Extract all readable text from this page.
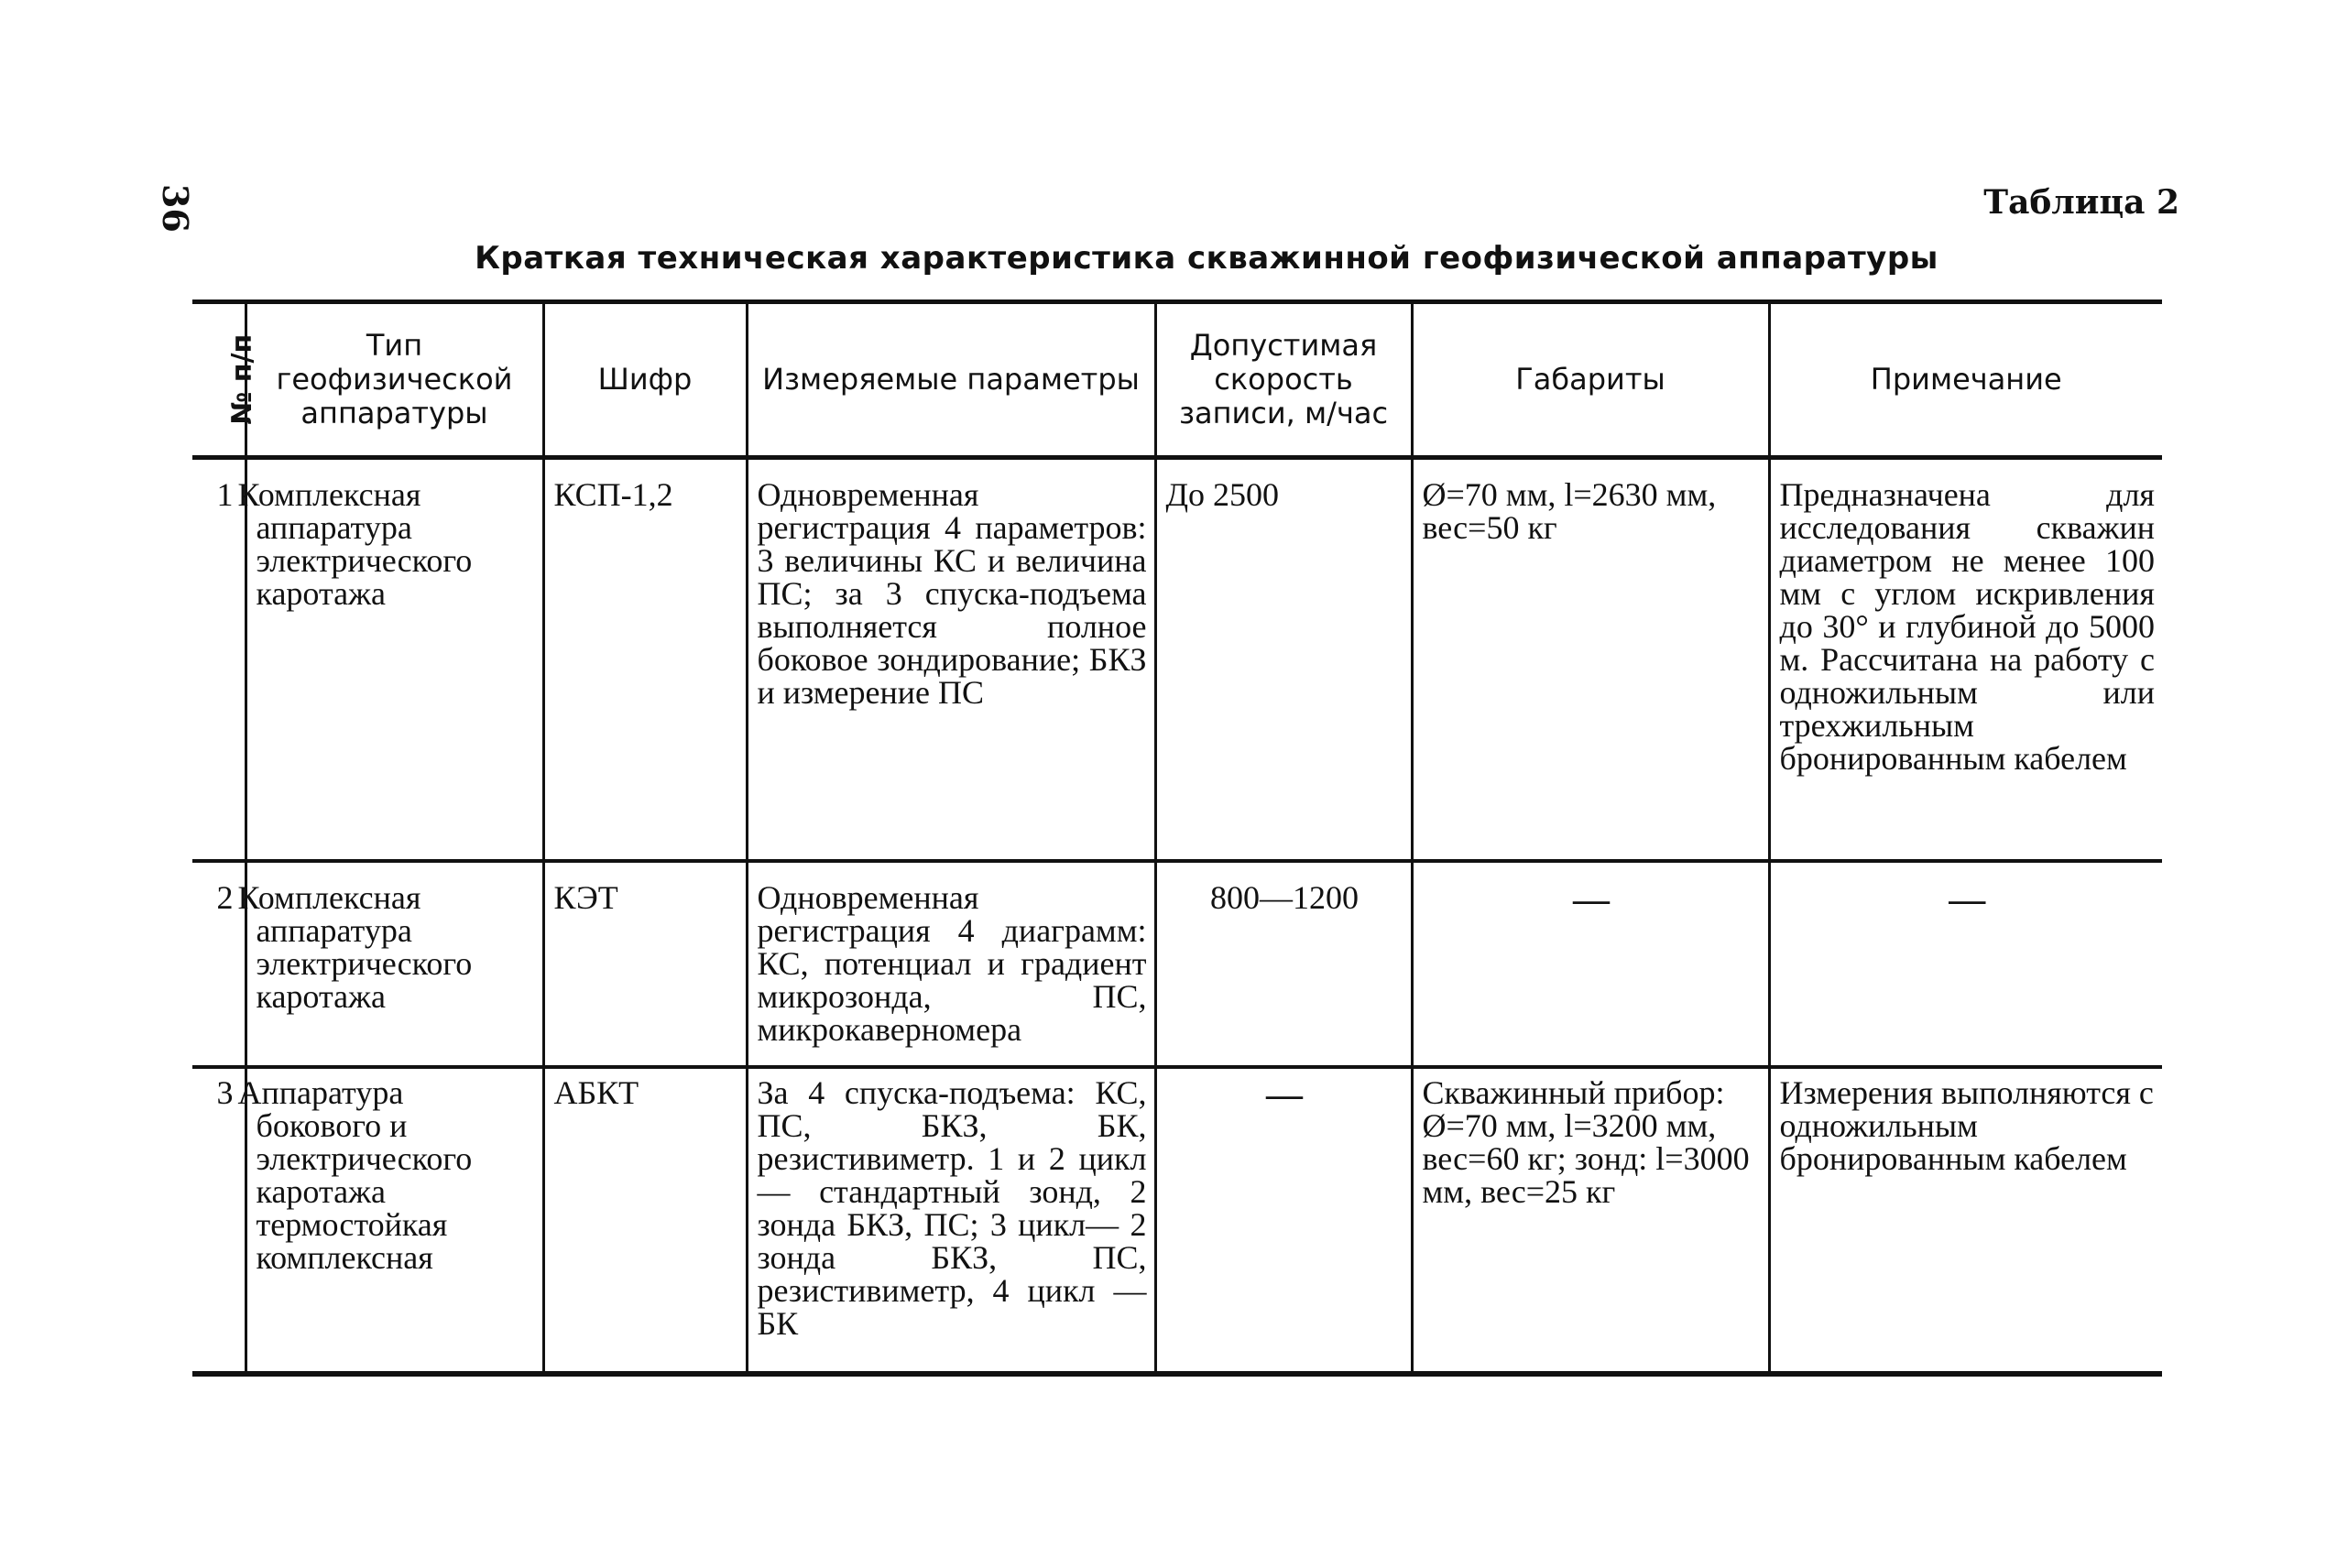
36	Таблица 2
Краткая техническая характеристика скважинной геофизической аппаратуры
№ п/п	Тип геофизической аппаратуры	Шифр	Измеряемые параметры	Допустимая скорость записи, м/час	Габариты	Примечание
1	Комплексная аппаратура электрического каротажа	КСП-1,2	Одновременная регистрация 4 параметров: 3 величины КС и величина ПС; за 3 спуска-подъема выполняется полное боковое зондирование; БКЗ и измерение ПС	До 2500	Ø=70 мм, l=2630 мм, вес=50 кг	Предназначена для исследования скважин диаметром не менее 100 мм с углом искривления до 30° и глубиной до 5000 м. Рассчитана на работу с одножильным или трехжильным бронированным кабелем
2	Комплексная аппаратура электрического каротажа	КЭТ	Одновременная регистрация 4 диаграмм: КС, потенциал и градиент микрозонда, ПС, микрокаверномера	800—1200	—	—
3	Аппаратура бокового и электрического каротажа термостойкая комплексная	АБКТ	За 4 спуска-подъема: КС, ПС, БКЗ, БК, резистивиметр. 1 и 2 цикл — стандартный зонд, 2 зонда БКЗ, ПС; 3 цикл— 2 зонда БКЗ, ПС, резистивиметр, 4 цикл — БК	—	Скважинный прибор: Ø=70 мм, l=3200 мм, вес=60 кг; зонд: l=3000 мм, вес=25 кг	Измерения выполняются с одножильным бронированным кабелем
